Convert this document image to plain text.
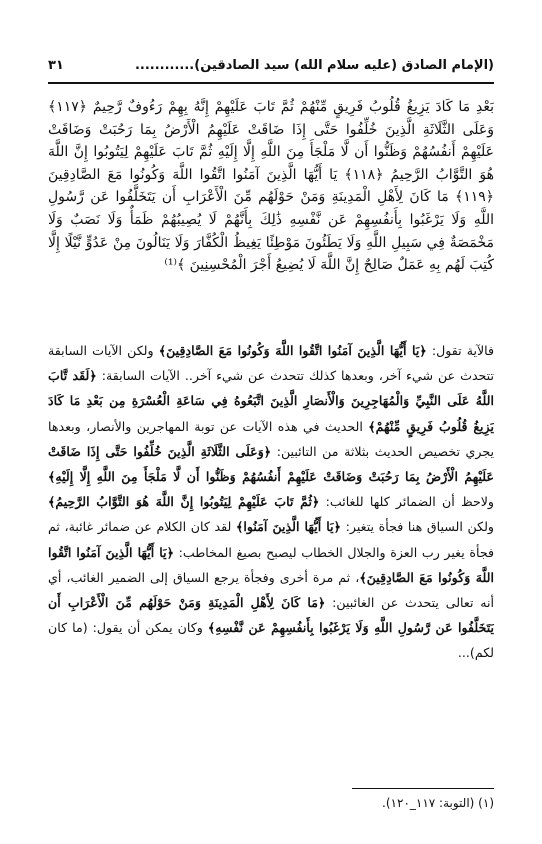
(الإمام الصادق (عليه سلام الله) سيد الصادقين)............
٣١
بَعْدِ مَا كَادَ يَزِيغُ قُلُوبُ فَرِيقٍ مِّنْهُمْ ثُمَّ تَابَ عَلَيْهِمْ إِنَّهُ بِهِمْ رَءُوفٌ رَّحِيمٌ ﴿١١٧﴾ وَعَلَى الثَّلَاثَةِ الَّذِينَ خُلِّفُوا حَتَّى إِذَا ضَاقَتْ عَلَيْهِمُ الْأَرْضُ بِمَا رَحُبَتْ وَضَاقَتْ عَلَيْهِمْ أَنفُسُهُمْ وَظَنُّوا أَن لَّا مَلْجَأَ مِنَ اللَّهِ إِلَّا إِلَيْهِ ثُمَّ تَابَ عَلَيْهِمْ لِيَتُوبُوا إِنَّ اللَّهَ هُوَ التَّوَّابُ الرَّحِيمُ ﴿١١٨﴾ يَا أَيُّهَا الَّذِينَ آمَنُوا اتَّقُوا اللَّهَ وَكُونُوا مَعَ الصَّادِقِينَ ﴿١١٩﴾ مَا كَانَ لِأَهْلِ الْمَدِينَةِ وَمَنْ حَوْلَهُم مِّنَ الْأَعْرَابِ أَن يَتَخَلَّفُوا عَن رَّسُولِ اللَّهِ وَلَا يَرْغَبُوا بِأَنفُسِهِمْ عَن نَّفْسِهِ ذَٰلِكَ بِأَنَّهُمْ لَا يُصِيبُهُمْ ظَمَأٌ وَلَا نَصَبٌ وَلَا مَخْمَصَةٌ فِي سَبِيلِ اللَّهِ وَلَا يَطَئُونَ مَوْطِئًا يَغِيظُ الْكُفَّارَ وَلَا يَنَالُونَ مِنْ عَدُوٍّ نَّيْلًا إِلَّا كُتِبَ لَهُم بِهِ عَمَلٌ صَالِحٌ إِنَّ اللَّهَ لَا يُضِيعُ أَجْرَ الْمُحْسِنِينَ ﴾⁽¹⁾
فالآية تقول: ﴿يَا أَيُّهَا الَّذِينَ آمَنُوا اتَّقُوا اللَّهَ وَكُونُوا مَعَ الصَّادِقِينَ﴾ ولكن الآيات السابقة تتحدث عن شيء آخر، وبعدها كذلك تتحدث عن شيء آخر.. الآيات السابقة: ﴿لَقَد تَّابَ اللَّهُ عَلَى النَّبِيِّ وَالْمُهَاجِرِينَ وَالْأَنصَارِ الَّذِينَ اتَّبَعُوهُ فِي سَاعَةِ الْعُسْرَةِ مِن بَعْدِ مَا كَادَ يَزِيغُ قُلُوبُ فَرِيقٍ مِّنْهُمْ﴾ الحديث في هذه الآيات عن توبة المهاجرين والأنصار، وبعدها يجري تخصيص الحديث بثلاثة من التائبين: ﴿وَعَلَى الثَّلَاثَةِ الَّذِينَ خُلِّفُوا حَتَّى إِذَا ضَاقَتْ عَلَيْهِمُ الْأَرْضُ بِمَا رَحُبَتْ وَضَاقَتْ عَلَيْهِمْ أَنفُسُهُمْ وَظَنُّوا أَن لَّا مَلْجَأَ مِنَ اللَّهِ إِلَّا إِلَيْهِ﴾ ولاحظ أن الضمائر كلها للغائب: ﴿ثُمَّ تَابَ عَلَيْهِمْ لِيَتُوبُوا إِنَّ اللَّهَ هُوَ التَّوَّابُ الرَّحِيمُ﴾ ولكن السياق هنا فجأة يتغير: ﴿يَا أَيُّهَا الَّذِينَ آمَنُوا﴾ لقد كان الكلام عن ضمائر غائبة، ثم فجأة يغير رب العزة والجلال الخطاب ليصبح بصيغ المخاطب: ﴿يَا أَيُّهَا الَّذِينَ آمَنُوا اتَّقُوا اللَّهَ وَكُونُوا مَعَ الصَّادِقِينَ﴾، ثم مرة أخرى وفجأة يرجع السياق إلى الضمير الغائب، أي أنه تعالى يتحدث عن الغائبين: ﴿مَا كَانَ لِأَهْلِ الْمَدِينَةِ وَمَنْ حَوْلَهُم مِّنَ الْأَعْرَابِ أَن يَتَخَلَّفُوا عَن رَّسُولِ اللَّهِ وَلَا يَرْغَبُوا بِأَنفُسِهِمْ عَن نَّفْسِهِ﴾ وكان يمكن أن يقول: (ما كان لكم)...
(١) (التوبة: ١١٧_١٢٠).
